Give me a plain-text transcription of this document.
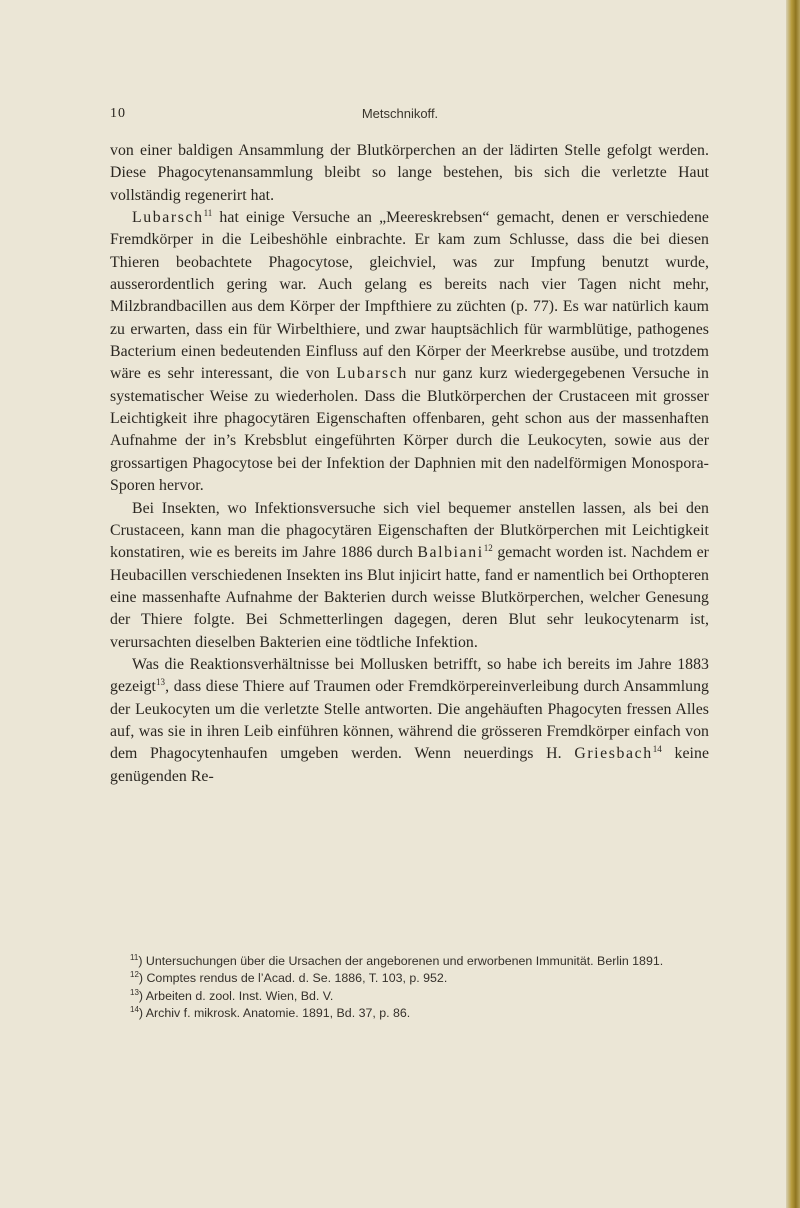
10	Metschnikoff.

von einer baldigen Ansammlung der Blutkörperchen an der lädirten Stelle gefolgt werden. Diese Phagocytenansammlung bleibt so lange bestehen, bis sich die verletzte Haut vollständig regenerirt hat.

Lubarsch$^{11}$ hat einige Versuche an „Meereskrebsen“ gemacht, denen er verschiedene Fremdkörper in die Leibeshöhle einbrachte. Er kam zum Schlusse, dass die bei diesen Thieren beobachtete Phagocytose, gleichviel, was zur Impfung benutzt wurde, ausserordentlich gering war. Auch gelang es bereits nach vier Tagen nicht mehr, Milzbrandbacillen aus dem Körper der Impfthiere zu züchten (p. 77). Es war natürlich kaum zu erwarten, dass ein für Wirbelthiere, und zwar hauptsächlich für warmblütige, pathogenes Bacterium einen bedeutenden Einfluss auf den Körper der Meerkrebse ausübe, und trotzdem wäre es sehr interessant, die von Lubarsch nur ganz kurz wiedergegebenen Versuche in systematischer Weise zu wiederholen. Dass die Blutkörperchen der Crustaceen mit grosser Leichtigkeit ihre phagocytären Eigenschaften offenbaren, geht schon aus der massenhaften Aufnahme der in’s Krebsblut eingeführten Körper durch die Leukocyten, sowie aus der grossartigen Phagocytose bei der Infektion der Daphnien mit den nadelförmigen Monospora-Sporen hervor.

Bei Insekten, wo Infektionsversuche sich viel bequemer anstellen lassen, als bei den Crustaceen, kann man die phagocytären Eigenschaften der Blutkörperchen mit Leichtigkeit konstatiren, wie es bereits im Jahre 1886 durch Balbiani$^{12}$ gemacht worden ist. Nachdem er Heubacillen verschiedenen Insekten ins Blut injicirt hatte, fand er namentlich bei Orthopteren eine massenhafte Aufnahme der Bakterien durch weisse Blutkörperchen, welcher Genesung der Thiere folgte. Bei Schmetterlingen dagegen, deren Blut sehr leukocytenarm ist, verursachten dieselben Bakterien eine tödtliche Infektion.

Was die Reaktionsverhältnisse bei Mollusken betrifft, so habe ich bereits im Jahre 1883 gezeigt$^{13}$, dass diese Thiere auf Traumen oder Fremdkörpereinverleibung durch Ansammlung der Leukocyten um die verletzte Stelle antworten. Die angehäuften Phagocyten fressen Alles auf, was sie in ihren Leib einführen können, während die grösseren Fremdkörper einfach von dem Phagocytenhaufen umgeben werden. Wenn neuerdings H. Griesbach$^{14}$ keine genügenden Re-

$^{11}$) Untersuchungen über die Ursachen der angeborenen und erworbenen Immunität. Berlin 1891.

$^{12}$) Comptes rendus de l’Acad. d. Se. 1886, T. 103, p. 952.

$^{13}$) Arbeiten d. zool. Inst. Wien, Bd. V.

$^{14}$) Archiv f. mikrosk. Anatomie. 1891, Bd. 37, p. 86.
